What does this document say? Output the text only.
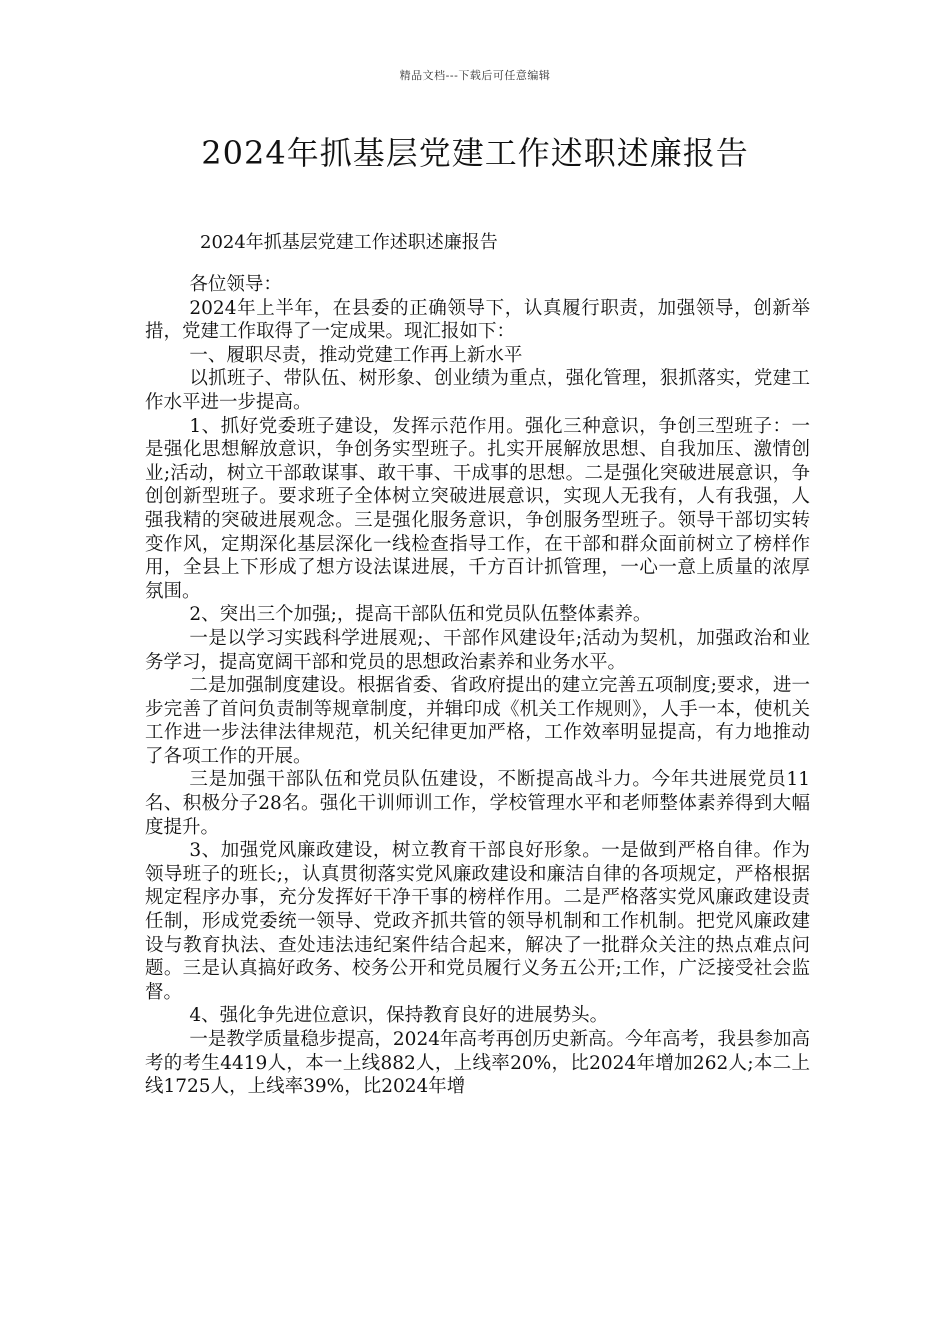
精品文档---下载后可任意编辑
2024年抓基层党建工作述职述廉报告
2024年抓基层党建工作述职述廉报告

各位领导：

2024年上半年，在县委的正确领导下，认真履行职责，加强领导，创新举措，党建工作取得了一定成果。现汇报如下：

一、履职尽责，推动党建工作再上新水平

以抓班子、带队伍、树形象、创业绩为重点，强化管理，狠抓落实，党建工作水平进一步提高。

1、抓好党委班子建设，发挥示范作用。强化三种意识，争创三型班子：一是强化思想解放意识，争创务实型班子。扎实开展解放思想、自我加压、激情创业;活动，树立干部敢谋事、敢干事、干成事的思想。二是强化突破进展意识，争创创新型班子。要求班子全体树立突破进展意识，实现人无我有，人有我强，人强我精的突破进展观念。三是强化服务意识，争创服务型班子。领导干部切实转变作风，定期深化基层深化一线检查指导工作，在干部和群众面前树立了榜样作用，全县上下形成了想方设法谋进展，千方百计抓管理，一心一意上质量的浓厚氛围。

2、突出三个加强;，提高干部队伍和党员队伍整体素养。

一是以学习实践科学进展观;、干部作风建设年;活动为契机，加强政治和业务学习，提高宽阔干部和党员的思想政治素养和业务水平。

二是加强制度建设。根据省委、省政府提出的建立完善五项制度;要求，进一步完善了首问负责制等规章制度，并辑印成《机关工作规则》，人手一本，使机关工作进一步法律法律规范，机关纪律更加严格，工作效率明显提高，有力地推动了各项工作的开展。

三是加强干部队伍和党员队伍建设，不断提高战斗力。今年共进展党员11名、积极分子28名。强化干训师训工作，学校管理水平和老师整体素养得到大幅度提升。

3、加强党风廉政建设，树立教育干部良好形象。一是做到严格自律。作为领导班子的班长;，认真贯彻落实党风廉政建设和廉洁自律的各项规定，严格根据规定程序办事，充分发挥好干净干事的榜样作用。二是严格落实党风廉政建设责任制，形成党委统一领导、党政齐抓共管的领导机制和工作机制。把党风廉政建设与教育执法、查处违法违纪案件结合起来，解决了一批群众关注的热点难点问题。三是认真搞好政务、校务公开和党员履行义务五公开;工作，广泛接受社会监督。

4、强化争先进位意识，保持教育良好的进展势头。

一是教学质量稳步提高，2024年高考再创历史新高。今年高考，我县参加高考的考生4419人，本一上线882人，上线率20%，比2024年增加262人;本二上线1725人，上线率39%，比2024年增
